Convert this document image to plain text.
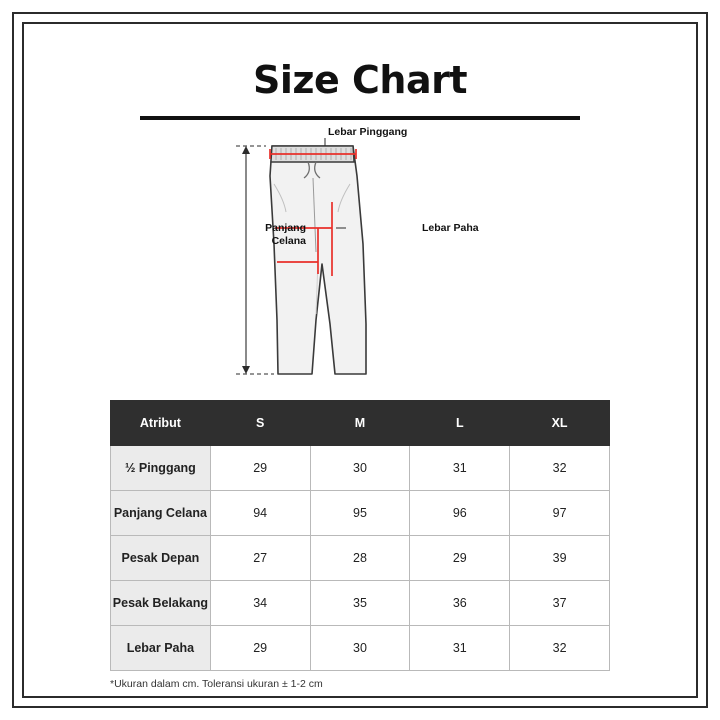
Size Chart
Lebar Pinggang
Lebar Paha
Panjang
Celana
Atribut	S	M	L	XL
½ Pinggang	29	30	31	32
Panjang Celana	94	95	96	97
Pesak Depan	27	28	29	39
Pesak Belakang	34	35	36	37
Lebar Paha	29	30	31	32
*Ukuran dalam cm. Toleransi ukuran ± 1-2 cm
